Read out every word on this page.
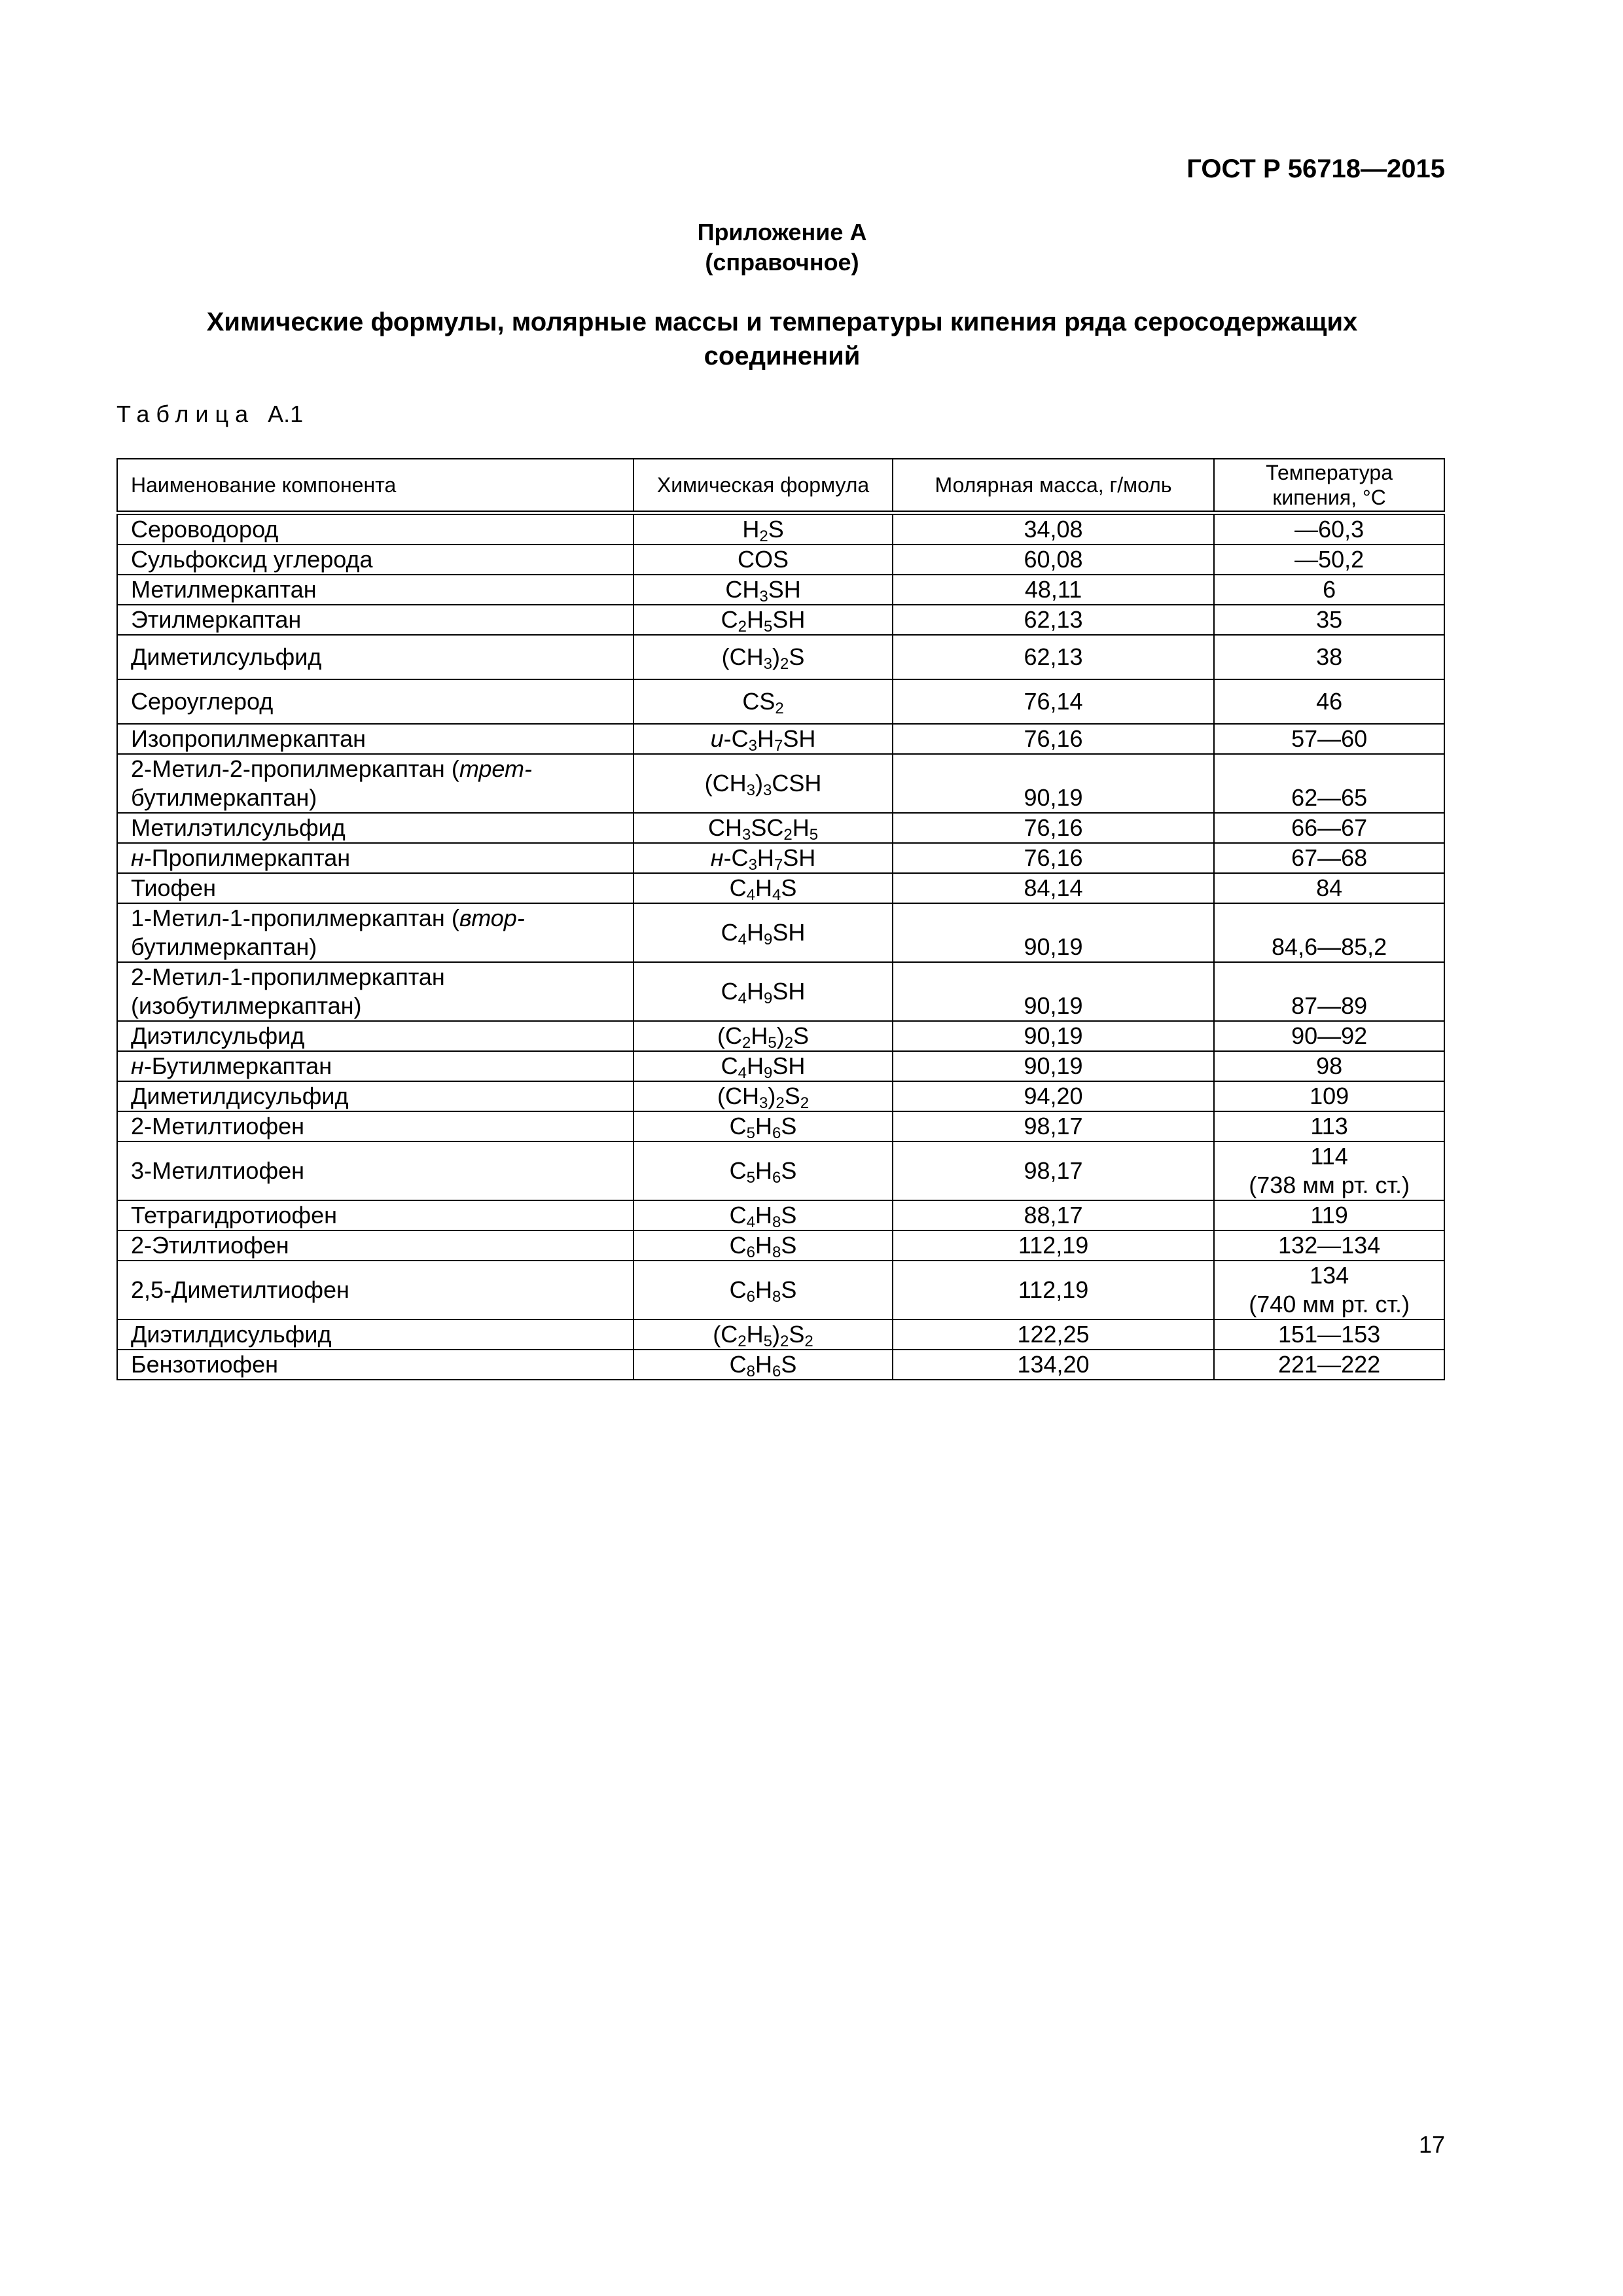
ГОСТ Р 56718—2015
Приложение А
(справочное)
Химические формулы, молярные массы и температуры кипения ряда серосодержащих
соединений
Таблица А.1
Наименование компонента	Химическая формула	Молярная масса, г/моль	Температура
кипения, °С

Сероводород	$H_2S$	34,08	—60,3
Сульфоксид углерода	COS	60,08	—50,2
Метилмеркаптан	$CH_3SH$	48,11	6
Этилмеркаптан	$C_2H_5SH$	62,13	35
Диметилсульфид	$(CH_3)_2S$	62,13	38
Сероуглерод	$CS_2$	76,14	46
Изопропилмеркаптан	$u-C_3H_7SH$	76,16	57—60
2-Метил-2-пропилмеркаптан (трет-
бутилмеркаптан)	$(CH_3)_3CSH$	90,19	62—65
Метилэтилсульфид	$CH_3SC_2H_5$	76,16	66—67
н-Пропилмеркаптан	$н-C_3H_7SH$	76,16	67—68
Тиофен	$C_4H_4S$	84,14	84
1-Метил-1-пропилмеркаптан (втор-
бутилмеркаптан)	$C_4H_9SH$	90,19	84,6—85,2
2-Метил-1-пропилмеркаптан
(изобутилмеркаптан)	$C_4H_9SH$	90,19	87—89
Диэтилсульфид	$(C_2H_5)_2S$	90,19	90—92
н-Бутилмеркаптан	$C_4H_9SH$	90,19	98
Диметилдисульфид	$(CH_3)_2S_2$	94,20	109
2-Метилтиофен	$C_5H_6S$	98,17	113
3-Метилтиофен	$C_5H_6S$	98,17	114
(738 мм рт. ст.)

Тетрагидротиофен	$C_4H_8S$	88,17	119
2-Этилтиофен	$C_6H_8S$	112,19	132—134
2,5-Диметилтиофен	$C_6H_8S$	112,19	134
(740 мм рт. ст.)

Диэтилдисульфид	$(C_2H_5)_2S_2$	122,25	151—153
Бензотиофен	$C_8H_6S$	134,20	221—222
17
